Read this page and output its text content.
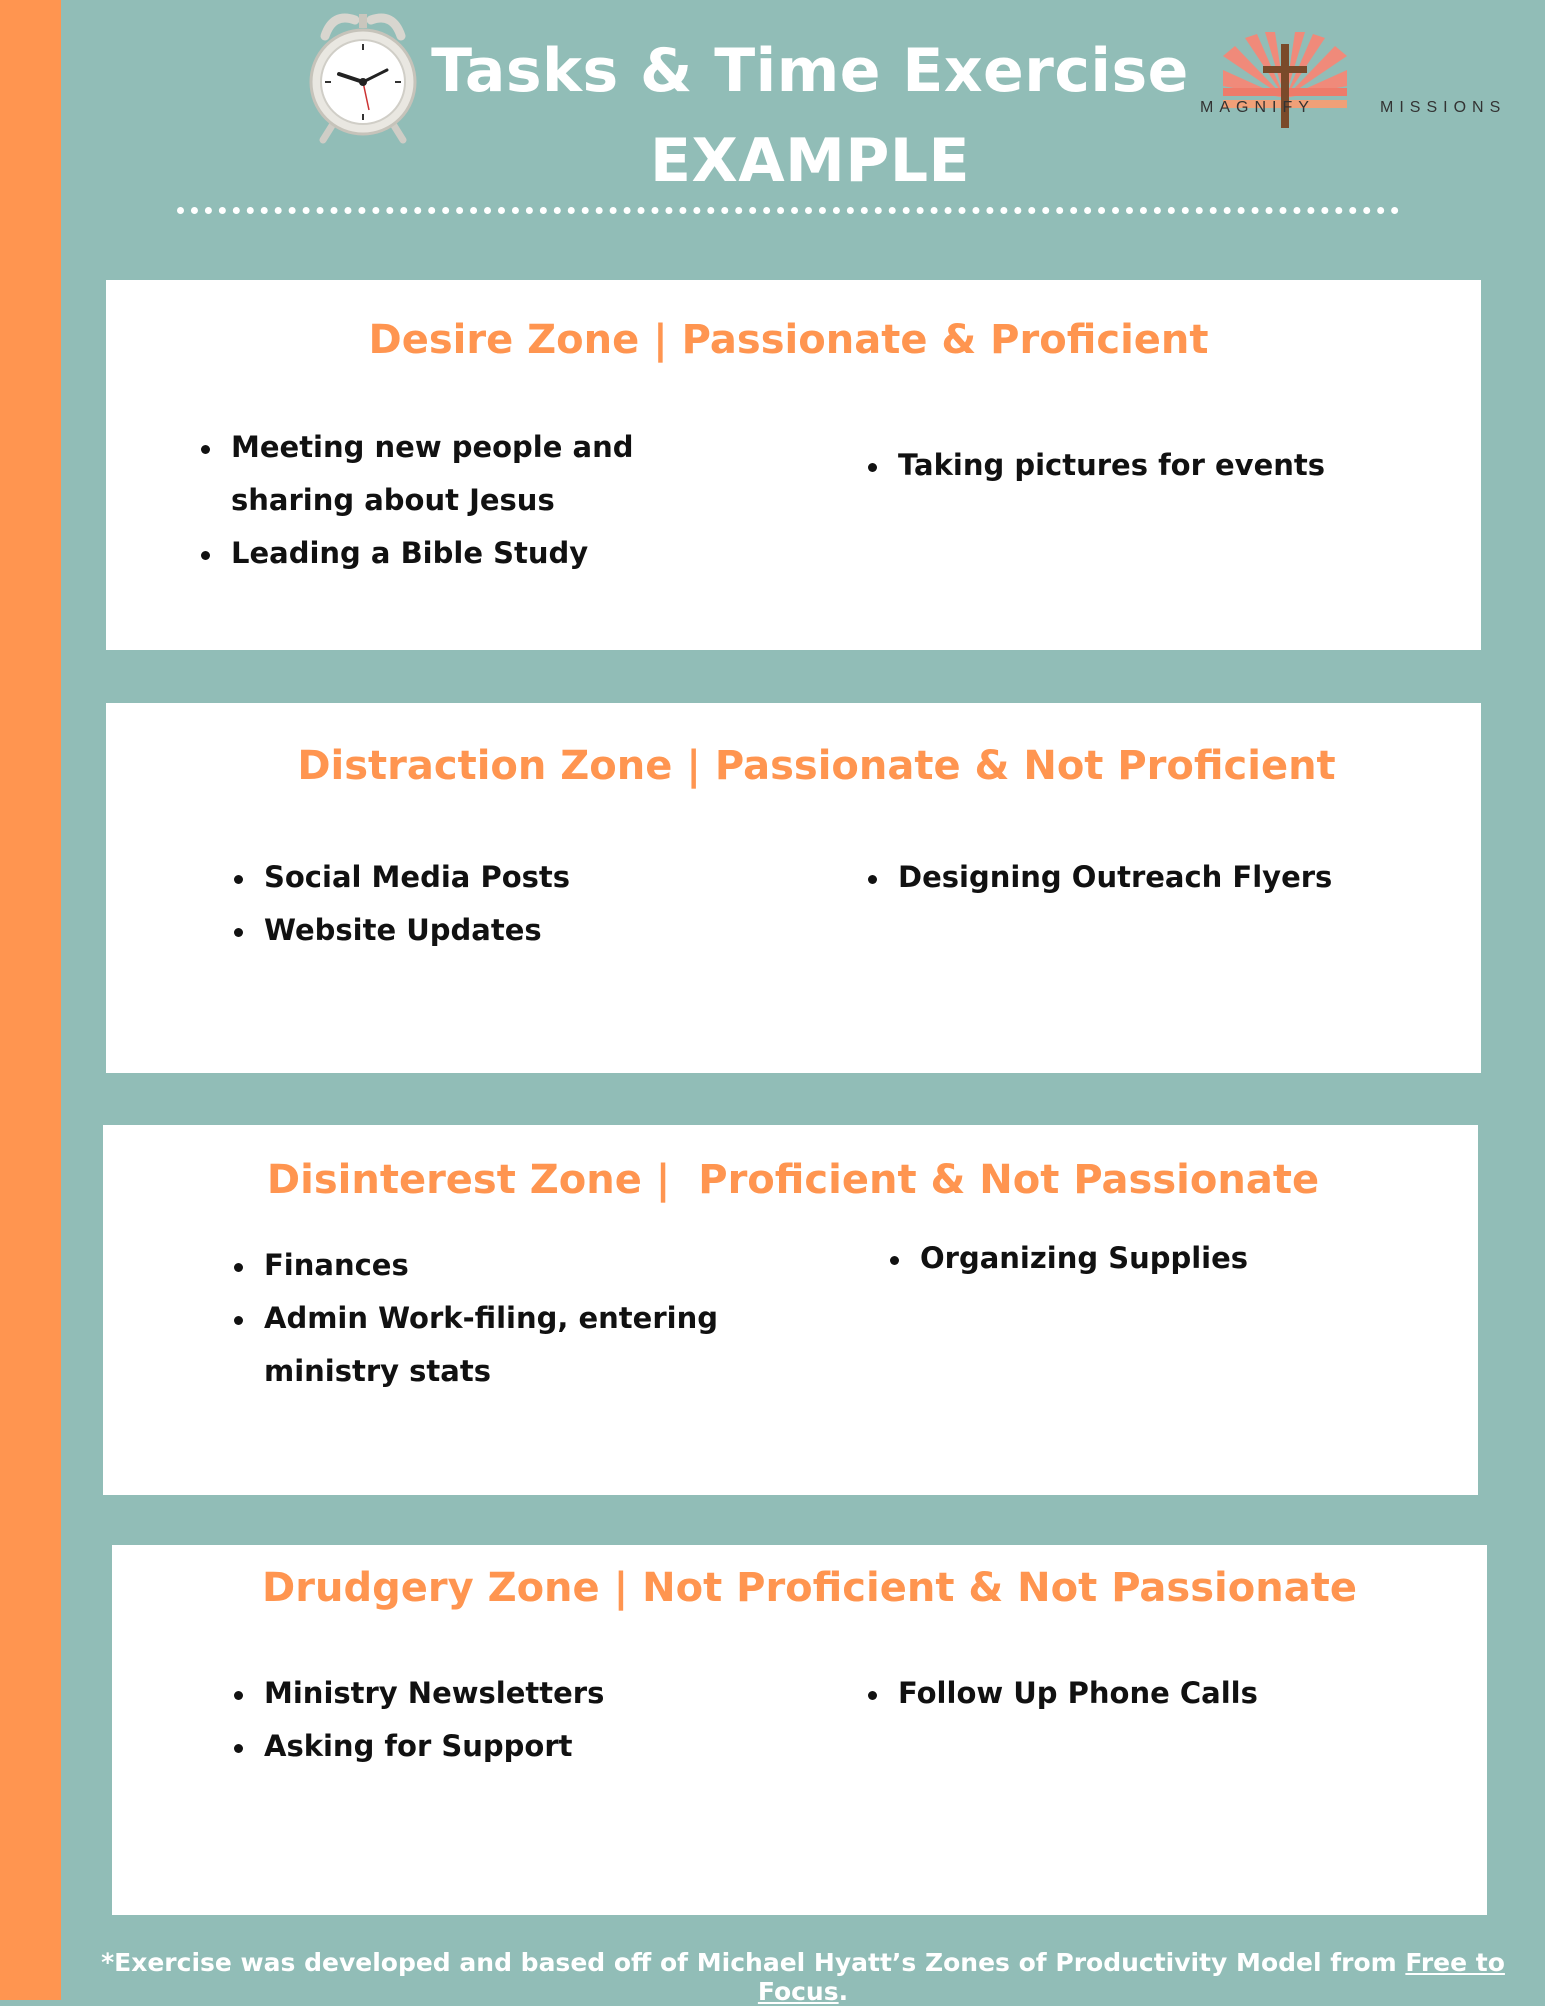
Tasks & Time Exercise
EXAMPLE
MAGNIFY	MISSIONS
Desire Zone | Passionate & Proficient
Meeting new people and sharing about Jesus
Leading a Bible Study
Taking pictures for events
Distraction Zone | Passionate & Not Proficient
Social Media Posts
Website Updates
Designing Outreach Flyers
Disinterest Zone |  Proficient & Not Passionate
Finances
Admin Work-filing, entering ministry stats
Organizing Supplies
Drudgery Zone | Not Proficient & Not Passionate
Ministry Newsletters
Asking for Support
Follow Up Phone Calls
*Exercise was developed and based off of Michael Hyatt’s Zones of Productivity Model from Free to Focus.
